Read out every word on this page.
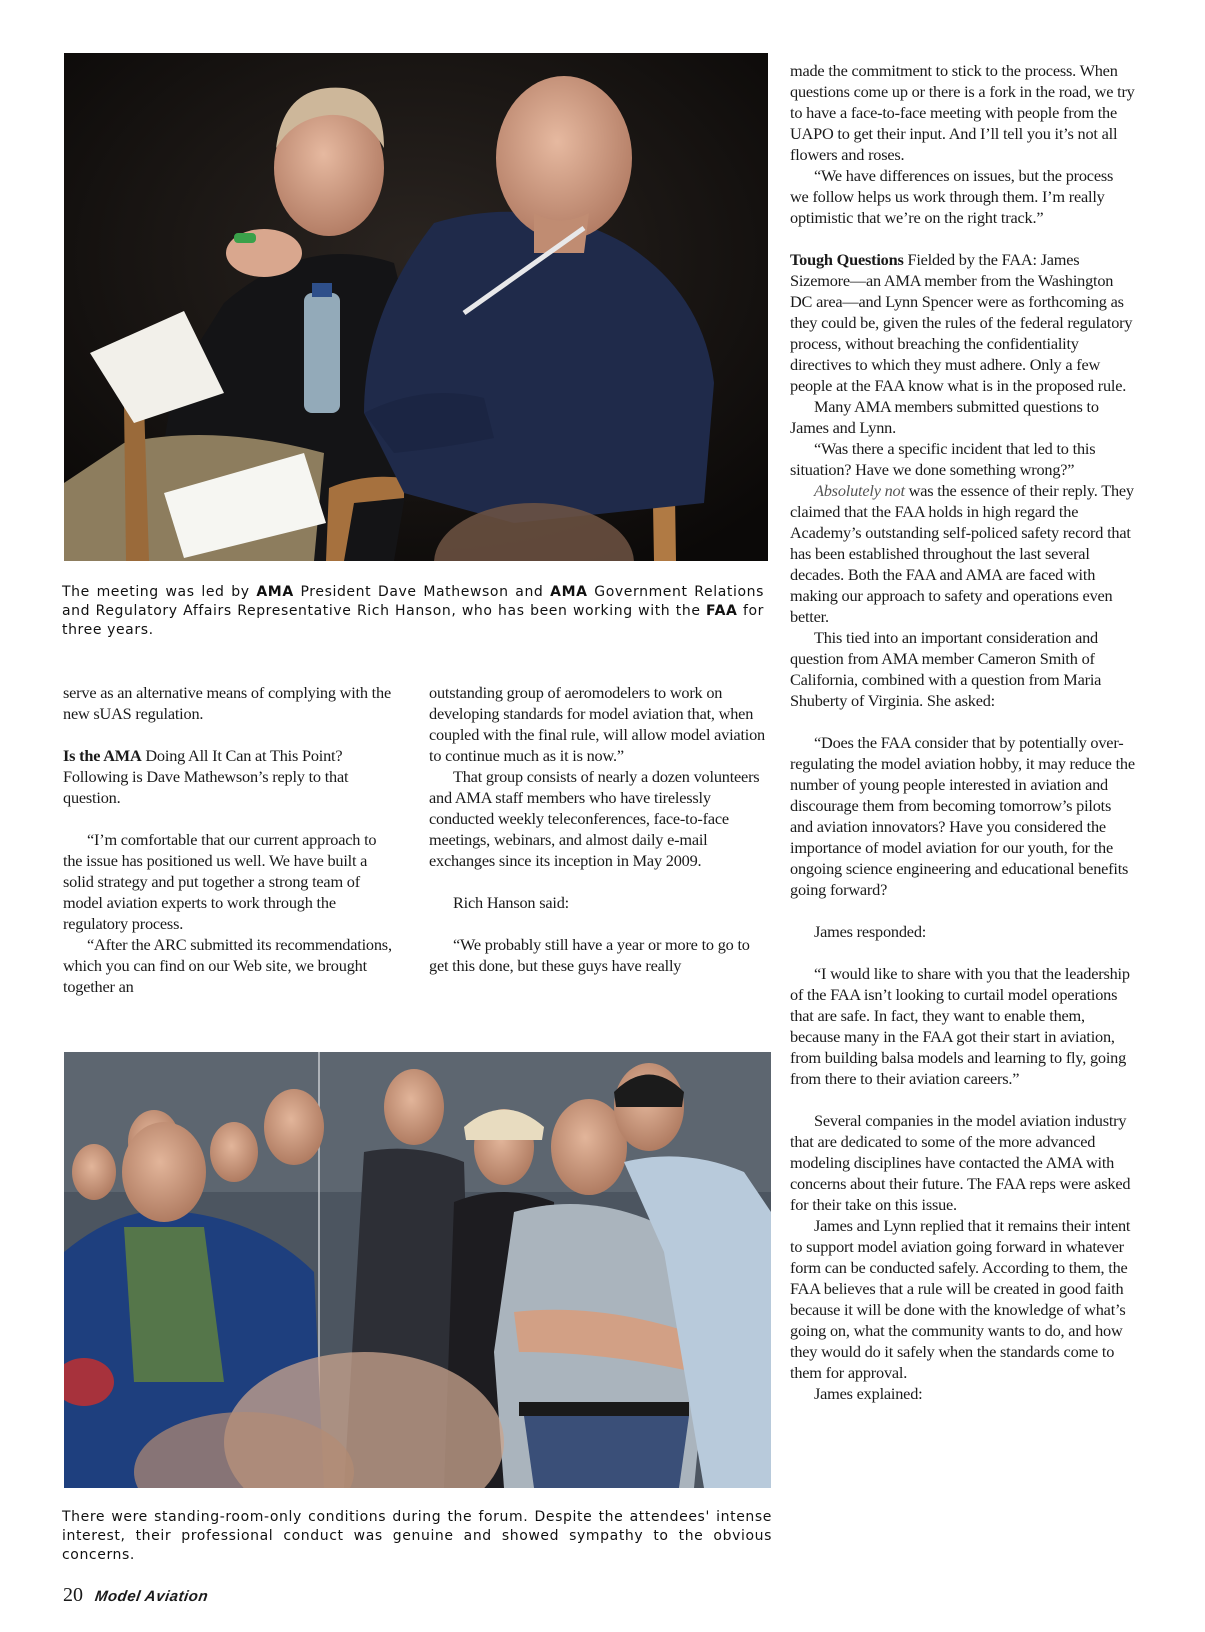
The meeting was led by AMA President Dave Mathewson and AMA Government Relations and Regulatory Affairs Representative Rich Hanson, who has been working with the FAA for three years.

serve as an alternative means of complying with the new sUAS regulation.

Is the AMA Doing All It Can at This Point? Following is Dave Mathewson’s reply to that question.

“I’m comfortable that our current approach to the issue has positioned us well. We have built a solid strategy and put together a strong team of model aviation experts to work through the regulatory process.

“After the ARC submitted its recommendations, which you can find on our Web site, we brought together an

outstanding group of aeromodelers to work on developing standards for model aviation that, when coupled with the final rule, will allow model aviation to continue much as it is now.”

That group consists of nearly a dozen volunteers and AMA staff members who have tirelessly conducted weekly teleconferences, face-to-face meetings, webinars, and almost daily e-mail exchanges since its inception in May 2009.

Rich Hanson said:

“We probably still have a year or more to go to get this done, but these guys have really

made the commitment to stick to the process. When questions come up or there is a fork in the road, we try to have a face-to-face meeting with people from the UAPO to get their input. And I’ll tell you it’s not all flowers and roses.

“We have differences on issues, but the process we follow helps us work through them. I’m really optimistic that we’re on the right track.”

Tough Questions Fielded by the FAA: James Sizemore—an AMA member from the Washington DC area—and Lynn Spencer were as forthcoming as they could be, given the rules of the federal regulatory process, without breaching the confidentiality directives to which they must adhere. Only a few people at the FAA know what is in the proposed rule.

Many AMA members submitted questions to James and Lynn.

“Was there a specific incident that led to this situation? Have we done something wrong?”

Absolutely not was the essence of their reply. They claimed that the FAA holds in high regard the Academy’s outstanding self-policed safety record that has been established throughout the last several decades. Both the FAA and AMA are faced with making our approach to safety and operations even better.

This tied into an important consideration and question from AMA member Cameron Smith of California, combined with a question from Maria Shuberty of Virginia. She asked:

“Does the FAA consider that by potentially over-regulating the model aviation hobby, it may reduce the number of young people interested in aviation and discourage them from becoming tomorrow’s pilots and aviation innovators? Have you considered the importance of model aviation for our youth, for the ongoing science engineering and educational benefits going forward?

James responded:

“I would like to share with you that the leadership of the FAA isn’t looking to curtail model operations that are safe. In fact, they want to enable them, because many in the FAA got their start in aviation, from building balsa models and learning to fly, going from there to their aviation careers.”

Several companies in the model aviation industry that are dedicated to some of the more advanced modeling disciplines have contacted the AMA with concerns about their future. The FAA reps were asked for their take on this issue.

James and Lynn replied that it remains their intent to support model aviation going forward in whatever form can be conducted safely. According to them, the FAA believes that a rule will be created in good faith because it will be done with the knowledge of what’s going on, what the community wants to do, and how they would do it safely when the standards come to them for approval.

James explained:

There were standing-room-only conditions during the forum. Despite the attendees' intense interest, their professional conduct was genuine and showed sympathy to the obvious concerns.
20 Model Aviation
